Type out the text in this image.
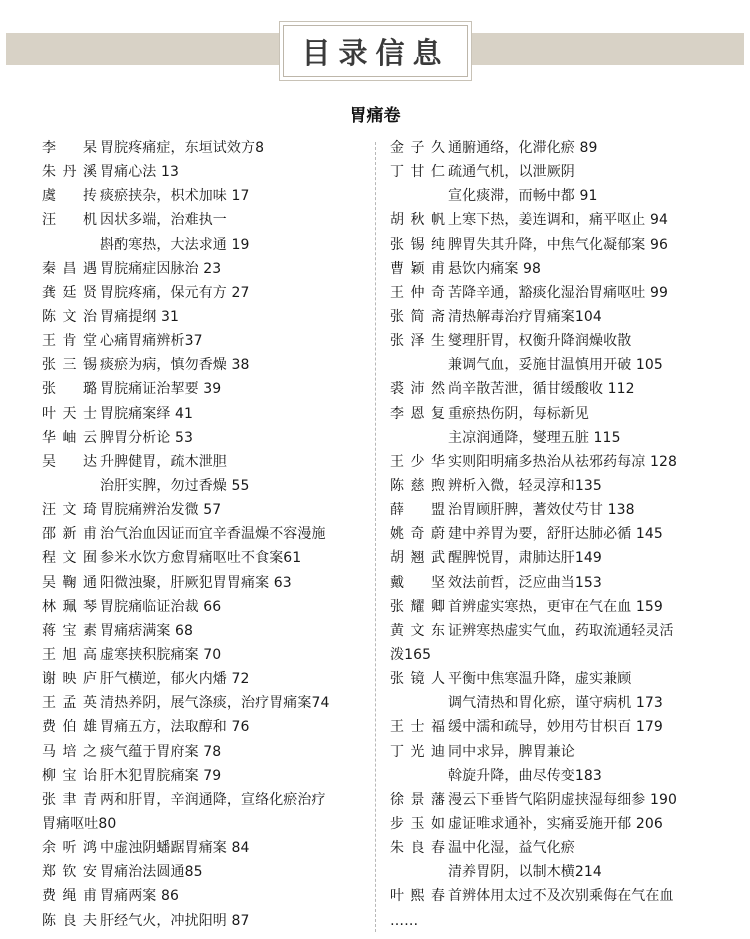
目录信息
胃痛卷
李　杲 胃脘疼痛症，东垣试效方8
朱丹溪 胃痛心法 13
虞　抟 痰瘀挟杂，枳术加味 17
汪　机 因状多端，治难执一
斟酌寒热，大法求通 19
秦昌遇 胃脘痛症因脉治 23
龚廷贤 胃脘疼痛，保元有方 27
陈文治 胃痛提纲 31
王肯堂 心痛胃痛辨析37
张三锡 痰瘀为病，慎勿香燥 38
张　璐 胃脘痛证治挈要 39
叶天士 胃脘痛案绎 41
华岫云 脾胃分析论 53
吴　达 升脾健胃，疏木泄胆
治肝实脾，勿过香燥 55
汪文琦 胃脘痛辨治发微 57
邵新甫 治气治血因证而宜辛香温燥不容漫施
程文囿 参米水饮方愈胃痛呕吐不食案61
吴鞠通 阳微浊聚，肝厥犯胃胃痛案 63
林珮琴 胃脘痛临证治裁 66
蒋宝素 胃痛痞满案 68
王旭高 虚寒挟积脘痛案 70
谢映庐 肝气横逆，郁火内燔 72
王孟英 清热养阴，展气涤痰，治疗胃痛案74
费伯雄 胃痛五方，法取醇和 76
马培之 痰气蕴于胃府案 78
柳宝诒 肝木犯胃脘痛案 79
张聿青 两和肝胃，辛润通降，宣络化瘀治疗
胃痛呕吐80
余听鸿 中虚浊阴蟠踞胃痛案 84
郑钦安 胃痛治法圆通85
费绳甫 胃痛两案 86
陈良夫 肝经气火，冲扰阳明 87
金子久 通腑通络，化滞化瘀 89
丁甘仁 疏通气机，以泄厥阴
宣化痰滞，而畅中都 91
胡秋帆 上寒下热，姜连调和，痛平呕止 94
张锡纯 脾胃失其升降，中焦气化凝郁案 96
曹颖甫 悬饮内痛案 98
王仲奇 苦降辛通，豁痰化湿治胃痛呕吐 99
张简斋 清热解毒治疗胃痛案104
张泽生 燮理肝胃，权衡升降润燥收散
兼调气血，妥施甘温慎用开破 105
裘沛然 尚辛散苦泄，循甘缓酸收 112
李恩复 重瘀热伤阴，每标新见
主凉润通降，燮理五脏 115
王少华 实则阳明痛多热治从祛邪药每凉 128
陈慈煦 辨析入微，轻灵淳和135
薛　盟 治胃顾肝脾，蓍效仗芍甘 138
姚奇蔚 建中养胃为要，舒肝达肺必循 145
胡翘武 醒脾悦胃，肃肺达肝149
戴　坚 效法前哲，泛应曲当153
张耀卿 首辨虚实寒热，更审在气在血 159
黄文东 证辨寒热虚实气血，药取流通轻灵活
泼165
张镜人 平衡中焦寒温升降，虚实兼顾
调气清热和胃化瘀，谨守病机 173
王士福 缓中濡和疏导，妙用芍甘枳百 179
丁光迪 同中求异，脾胃兼论
斡旋升降，曲尽传变183
徐景藩 漫云下垂皆气陷阴虚挟湿每细参 190
步玉如 虚证唯求通补，实痛妥施开郁 206
朱良春 温中化湿，益气化瘀
清养胃阴，以制木横214
叶熙春 首辨体用太过不及次别乘侮在气在血
……
